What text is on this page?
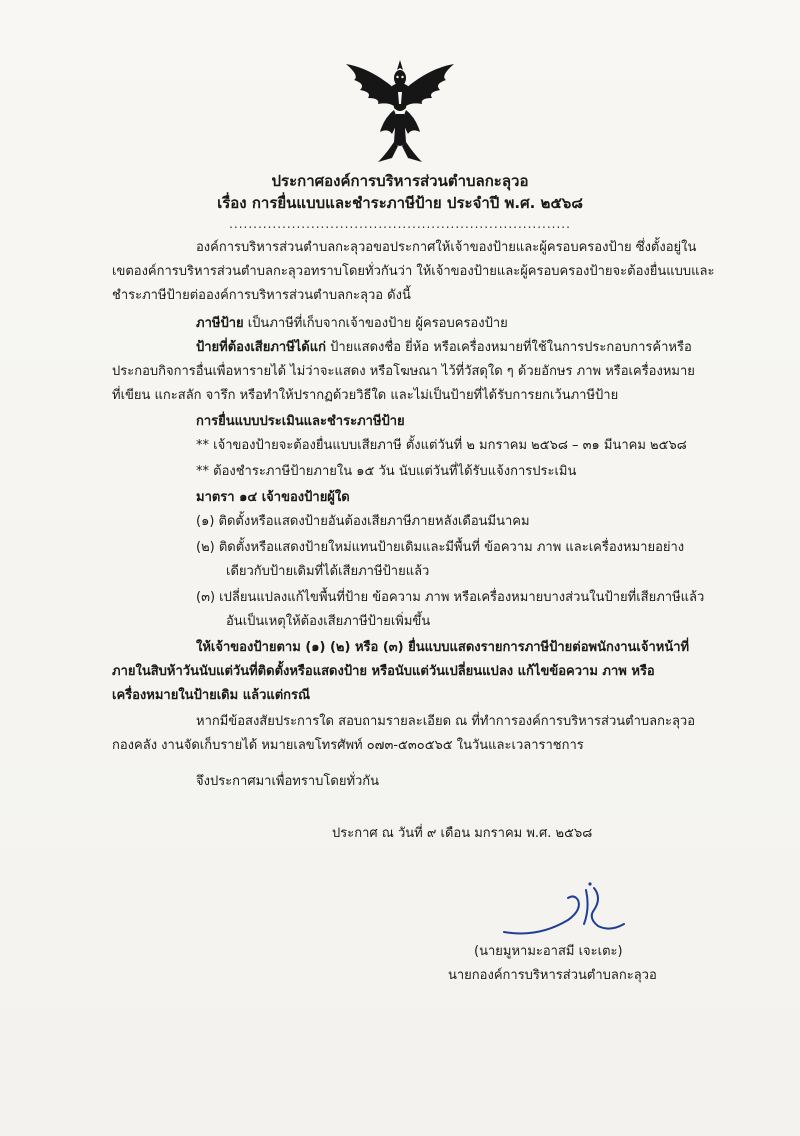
ประกาศองค์การบริหารส่วนตำบลกะลุวอ
เรื่อง การยื่นแบบและชำระภาษีป้าย ประจำปี พ.ศ. ๒๕๖๘
.......................................................................
องค์การบริหารส่วนตำบลกะลุวอขอประกาศให้เจ้าของป้ายและผู้ครอบครองป้าย ซึ่งตั้งอยู่ใน
เขตองค์การบริหารส่วนตำบลกะลุวอทราบโดยทั่วกันว่า ให้เจ้าของป้ายและผู้ครอบครองป้ายจะต้องยื่นแบบและ
ชำระภาษีป้ายต่อองค์การบริหารส่วนตำบลกะลุวอ ดังนี้
ภาษีป้าย เป็นภาษีที่เก็บจากเจ้าของป้าย ผู้ครอบครองป้าย
ป้ายที่ต้องเสียภาษีได้แก่ ป้ายแสดงชื่อ ยี่ห้อ หรือเครื่องหมายที่ใช้ในการประกอบการค้าหรือ
ประกอบกิจการอื่นเพื่อหารายได้ ไม่ว่าจะแสดง หรือโฆษณา ไว้ที่วัสดุใด ๆ ด้วยอักษร ภาพ หรือเครื่องหมาย
ที่เขียน แกะสลัก จารึก หรือทำให้ปรากฏด้วยวิธีใด และไม่เป็นป้ายที่ได้รับการยกเว้นภาษีป้าย
การยื่นแบบประเมินและชำระภาษีป้าย
** เจ้าของป้ายจะต้องยื่นแบบเสียภาษี ตั้งแต่วันที่ ๒ มกราคม ๒๕๖๘ – ๓๑ มีนาคม ๒๕๖๘
** ต้องชำระภาษีป้ายภายใน ๑๕ วัน นับแต่วันที่ได้รับแจ้งการประเมิน
มาตรา ๑๔ เจ้าของป้ายผู้ใด
(๑) ติดตั้งหรือแสดงป้ายอันต้องเสียภาษีภายหลังเดือนมีนาคม
(๒) ติดตั้งหรือแสดงป้ายใหม่แทนป้ายเดิมและมีพื้นที่ ข้อความ ภาพ และเครื่องหมายอย่าง
เดียวกับป้ายเดิมที่ได้เสียภาษีป้ายแล้ว
(๓) เปลี่ยนแปลงแก้ไขพื้นที่ป้าย ข้อความ ภาพ หรือเครื่องหมายบางส่วนในป้ายที่เสียภาษีแล้ว
อันเป็นเหตุให้ต้องเสียภาษีป้ายเพิ่มขึ้น
ให้เจ้าของป้ายตาม (๑) (๒) หรือ (๓) ยื่นแบบแสดงรายการภาษีป้ายต่อพนักงานเจ้าหน้าที่
ภายในสิบห้าวันนับแต่วันที่ติดตั้งหรือแสดงป้าย หรือนับแต่วันเปลี่ยนแปลง แก้ไขข้อความ ภาพ หรือ
เครื่องหมายในป้ายเดิม แล้วแต่กรณี
หากมีข้อสงสัยประการใด สอบถามรายละเอียด ณ ที่ทำการองค์การบริหารส่วนตำบลกะลุวอ
กองคลัง งานจัดเก็บรายได้ หมายเลขโทรศัพท์ ๐๗๓-๕๓๐๕๖๕ ในวันและเวลาราชการ
จึงประกาศมาเพื่อทราบโดยทั่วกัน
ประกาศ ณ วันที่ ๙ เดือน มกราคม พ.ศ. ๒๕๖๘
(นายมูหามะอาสมี เจะเตะ)
นายกองค์การบริหารส่วนตำบลกะลุวอ
